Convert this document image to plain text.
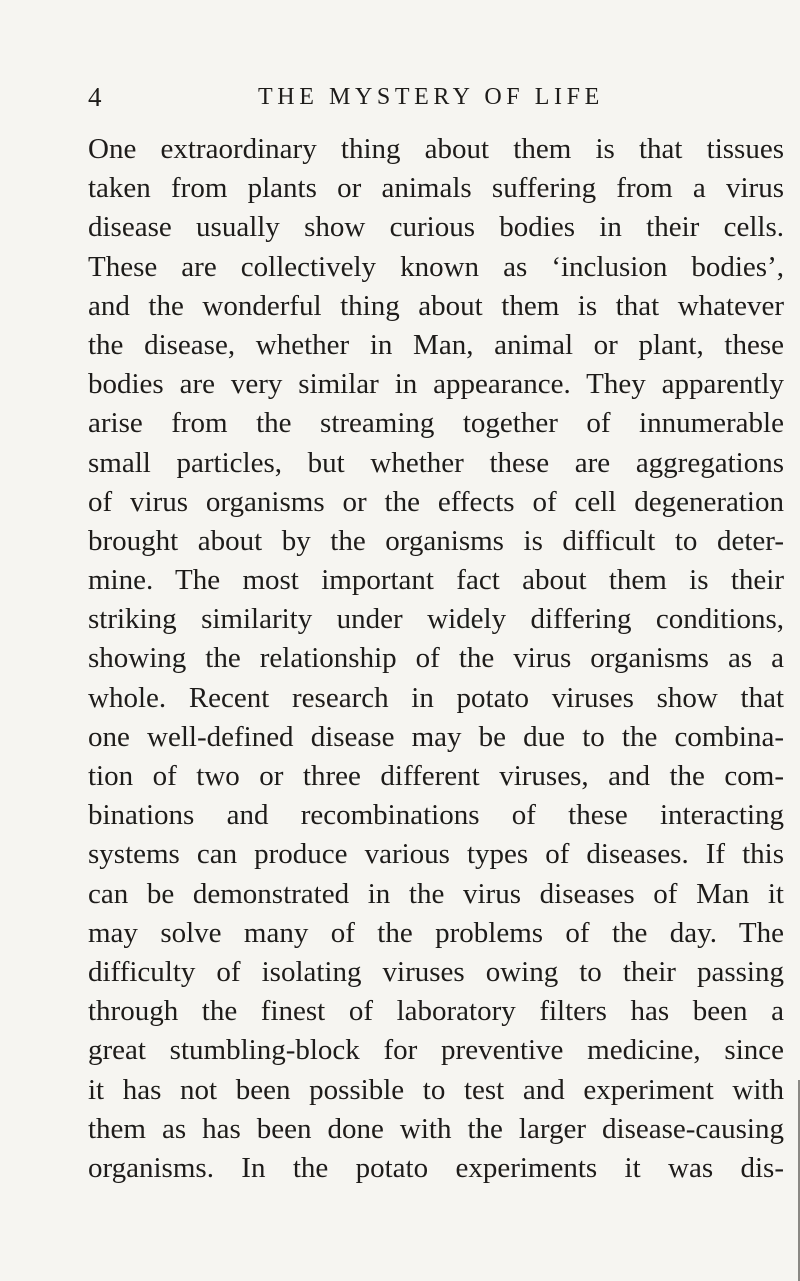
4	THE MYSTERY OF LIFE
One extraordinary thing about them is that tissues
taken from plants or animals suffering from a virus
disease usually show curious bodies in their cells.
These are collectively known as ‘inclusion bodies’,
and the wonderful thing about them is that whatever
the disease, whether in Man, animal or plant, these
bodies are very similar in appearance. They apparently
arise from the streaming together of innumerable
small particles, but whether these are aggregations
of virus organisms or the effects of cell degeneration
brought about by the organisms is difficult to deter-
mine. The most important fact about them is their
striking similarity under widely differing conditions,
showing the relationship of the virus organisms as a
whole. Recent research in potato viruses show that
one well-defined disease may be due to the combina-
tion of two or three different viruses, and the com-
binations and recombinations of these interacting
systems can produce various types of diseases. If this
can be demonstrated in the virus diseases of Man it
may solve many of the problems of the day. The
difficulty of isolating viruses owing to their passing
through the finest of laboratory filters has been a
great stumbling-block for preventive medicine, since
it has not been possible to test and experiment with
them as has been done with the larger disease-causing
organisms. In the potato experiments it was dis-
